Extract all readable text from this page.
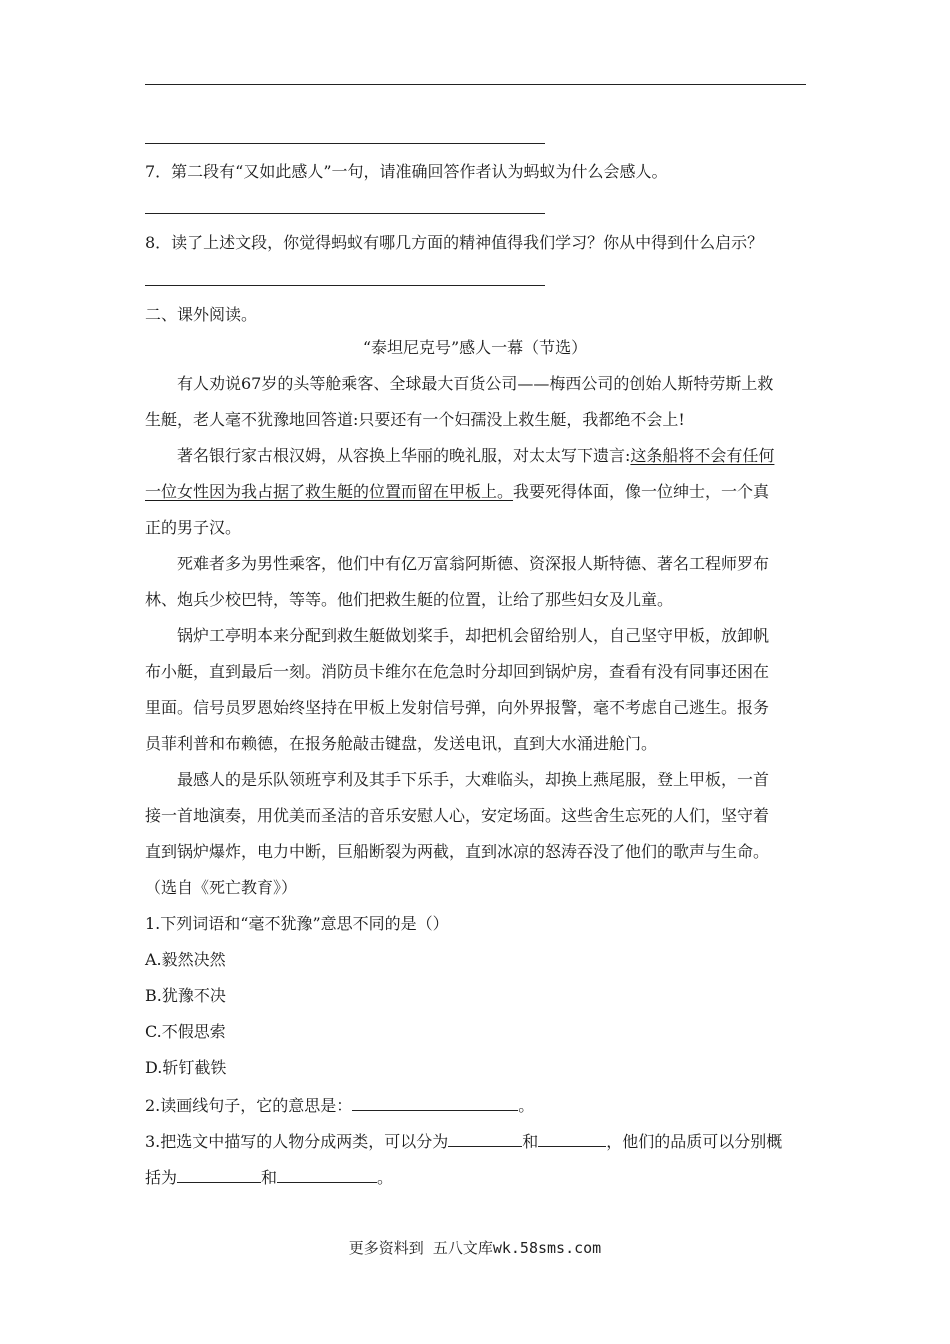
7．第二段有“又如此感人”一句，请准确回答作者认为蚂蚁为什么会感人。
8．读了上述文段，你觉得蚂蚁有哪几方面的精神值得我们学习？你从中得到什么启示？
二、课外阅读。
“泰坦尼克号”感人一幕（节选）
有人劝说67岁的头等舱乘客、全球最大百货公司——梅西公司的创始人斯特劳斯上救
生艇，老人毫不犹豫地回答道:只要还有一个妇孺没上救生艇，我都绝不会上!
著名银行家古根汉姆，从容换上华丽的晚礼服，对太太写下遗言:这条船将不会有任何
一位女性因为我占据了救生艇的位置而留在甲板上。我要死得体面，像一位绅士，一个真
正的男子汉。
死难者多为男性乘客，他们中有亿万富翁阿斯德、资深报人斯特德、著名工程师罗布
林、炮兵少校巴特，等等。他们把救生艇的位置，让给了那些妇女及儿童。
锅炉工亭明本来分配到救生艇做划桨手，却把机会留给别人，自己坚守甲板，放卸帆
布小艇，直到最后一刻。消防员卡维尔在危急时分却回到锅炉房，查看有没有同事还困在
里面。信号员罗恩始终坚持在甲板上发射信号弹，向外界报警，毫不考虑自己逃生。报务
员菲利普和布赖德，在报务舱敲击键盘，发送电讯，直到大水涌进舱门。
最感人的是乐队领班亨利及其手下乐手，大难临头，却换上燕尾服，登上甲板，一首
接一首地演奏，用优美而圣洁的音乐安慰人心，安定场面。这些舍生忘死的人们，坚守着
直到锅炉爆炸，电力中断，巨船断裂为两截，直到冰凉的怒涛吞没了他们的歌声与生命。
（选自《死亡教育》）
1.下列词语和“毫不犹豫”意思不同的是（）
A.毅然决然
B.犹豫不决
C.不假思索
D.斩钉截铁
2.读画线句子，它的意思是：	。
3.把选文中描写的人物分成两类，可以分为	和	，他们的品质可以分别概
括为	和	。
更多资料到 五八文库wk.58sms.com
